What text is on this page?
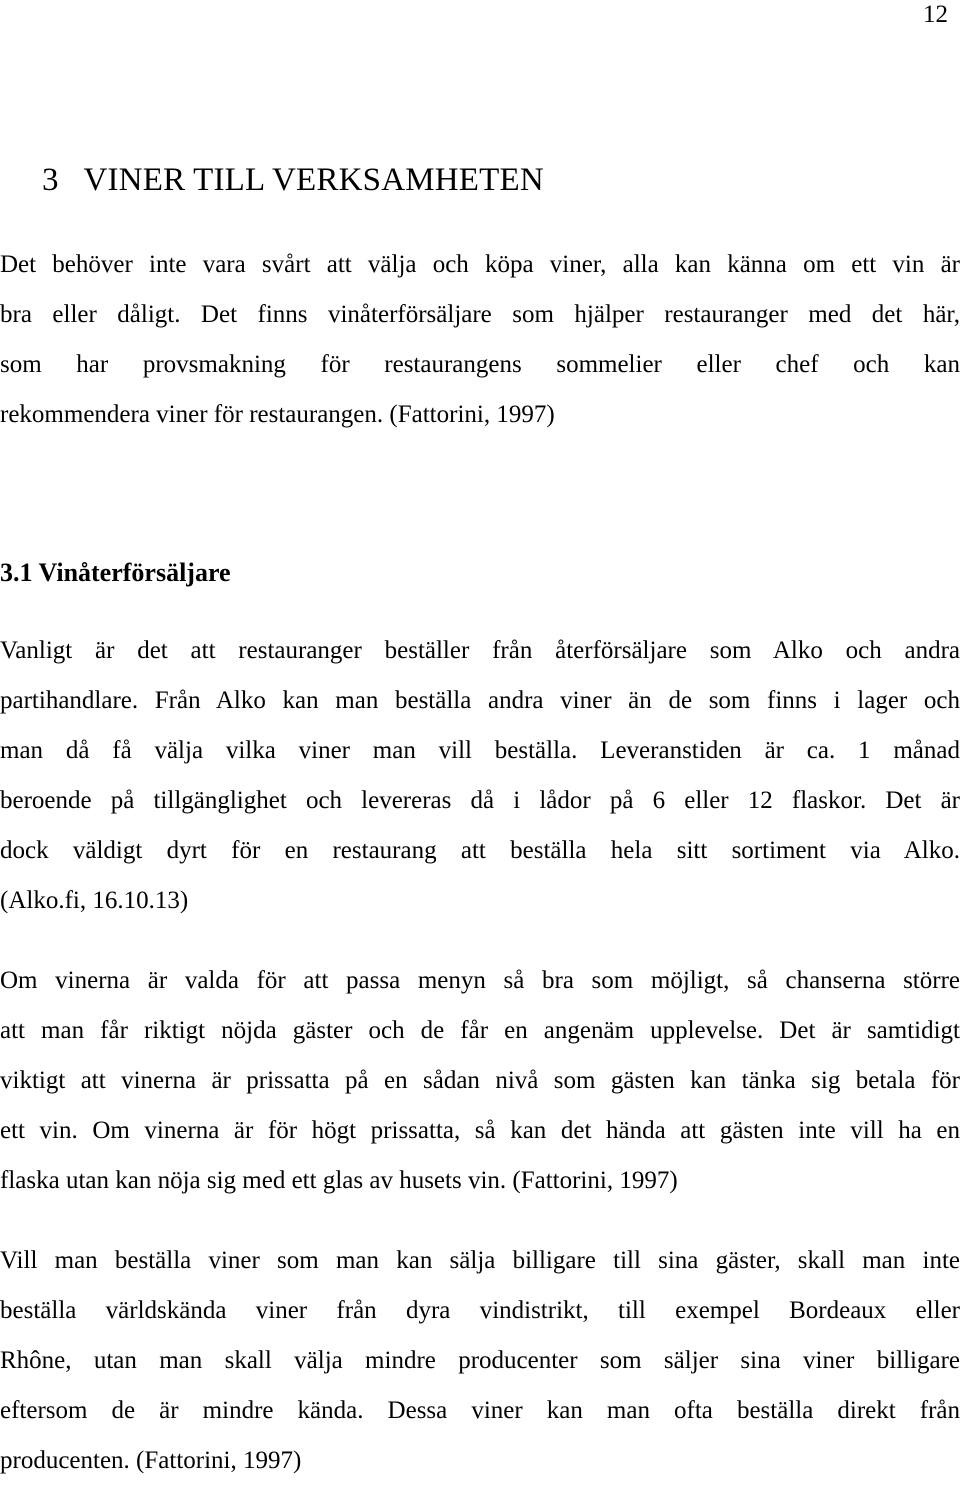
12
3   VINER TILL VERKSAMHETEN
Det behöver inte vara svårt att välja och köpa viner, alla kan känna om ett vin är
bra eller dåligt. Det finns vinåterförsäljare som hjälper restauranger med det här,
som har provsmakning för restaurangens sommelier eller chef och kan
rekommendera viner för restaurangen. (Fattorini, 1997)
3.1 Vinåterförsäljare
Vanligt är det att restauranger beställer från återförsäljare som Alko och andra
partihandlare. Från Alko kan man beställa andra viner än de som finns i lager och
man då få välja vilka viner man vill beställa. Leveranstiden är ca. 1 månad
beroende på tillgänglighet och levereras då i lådor på 6 eller 12 flaskor. Det är
dock väldigt dyrt för en restaurang att beställa hela sitt sortiment via Alko.
(Alko.fi, 16.10.13)
Om vinerna är valda för att passa menyn så bra som möjligt, så chanserna större
att man får riktigt nöjda gäster och de får en angenäm upplevelse. Det är samtidigt
viktigt att vinerna är prissatta på en sådan nivå som gästen kan tänka sig betala för
ett vin. Om vinerna är för högt prissatta, så kan det hända att gästen inte vill ha en
flaska utan kan nöja sig med ett glas av husets vin. (Fattorini, 1997)
Vill man beställa viner som man kan sälja billigare till sina gäster, skall man inte
beställa världskända viner från dyra vindistrikt, till exempel Bordeaux eller
Rhône, utan man skall välja mindre producenter som säljer sina viner billigare
eftersom de är mindre kända. Dessa viner kan man ofta beställa direkt från
producenten. (Fattorini, 1997)
